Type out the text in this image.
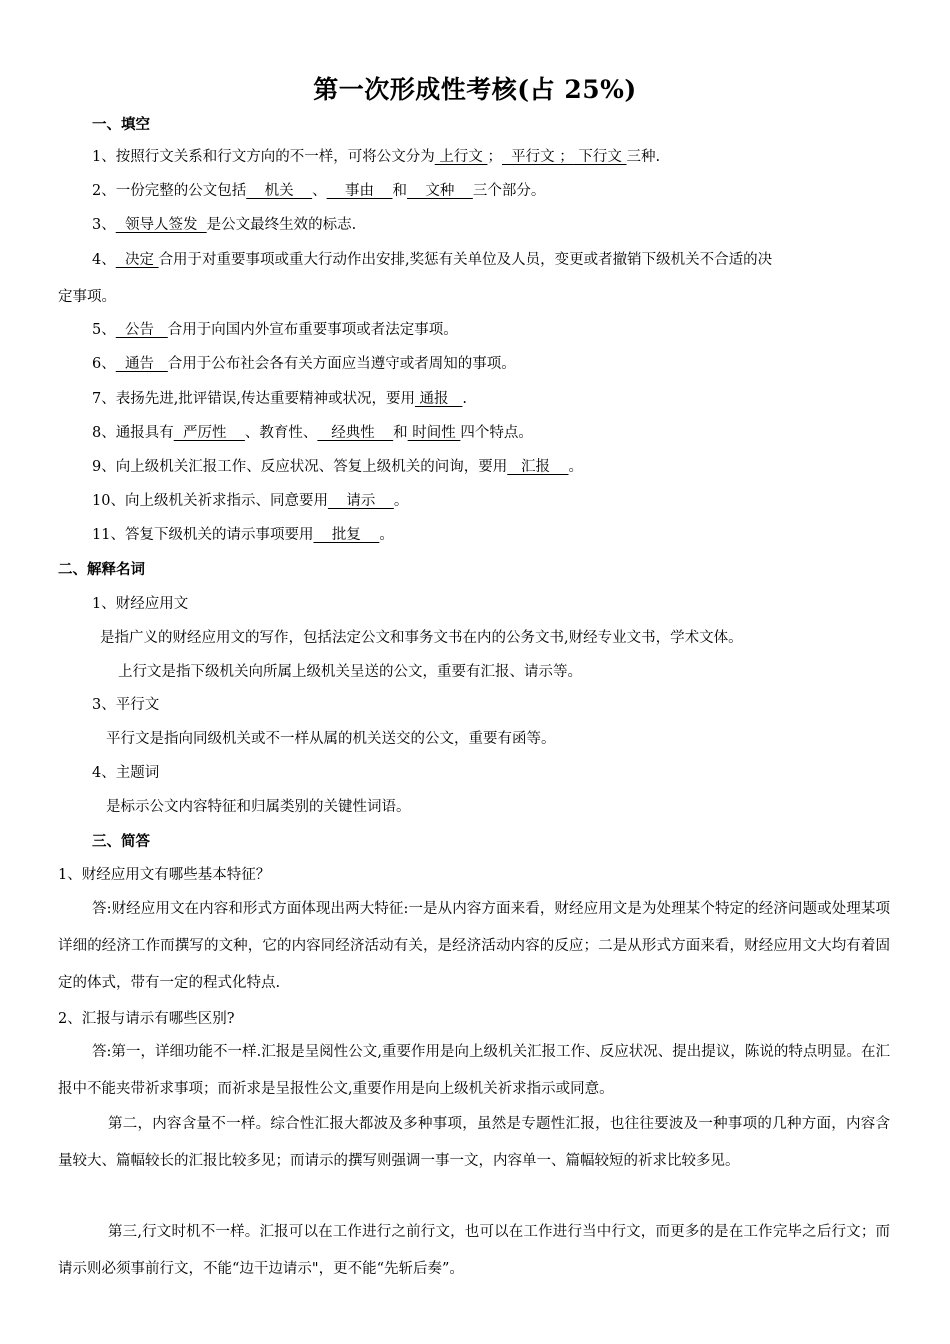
第一次形成性考核(占 25%)
一、填空
1、按照行文关系和行文方向的不一样，可将公文分为 上行文 ；  平行文 ； 下行文 三种.
2、一份完整的公文包括    机关    、    事由    和    文种    三个部分。
3、  领导人签发  是公文最终生效的标志.
4、  决定 合用于对重要事项或重大行动作出安排,奖惩有关单位及人员，变更或者撤销下级机关不合适的决
定事项。
5、  公告   合用于向国内外宣布重要事项或者法定事项。
6、  通告   合用于公布社会各有关方面应当遵守或者周知的事项。
7、表扬先进,批评错误,传达重要精神或状况，要用 通报   .
8、通报具有  严厉性    、教育性、   经典性    和 时间性 四个特点。
9、向上级机关汇报工作、反应状况、答复上级机关的问询，要用   汇报    。
10、向上级机关祈求指示、同意要用    请示    。
11、答复下级机关的请示事项要用    批复    。
二、解释名词
1、财经应用文
是指广义的财经应用文的写作，包括法定公文和事务文书在内的公务文书,财经专业文书，学术文体。
上行文是指下级机关向所属上级机关呈送的公文，重要有汇报、请示等。
3、平行文
平行文是指向同级机关或不一样从属的机关送交的公文，重要有函等。
4、主题词
是标示公文内容特征和归属类别的关键性词语。
三、简答
1、财经应用文有哪些基本特征？
答:财经应用文在内容和形式方面体现出两大特征:一是从内容方面来看，财经应用文是为处理某个特定的经济问题或处理某项详细的经济工作而撰写的文种，它的内容同经济活动有关，是经济活动内容的反应；二是从形式方面来看，财经应用文大均有着固定的体式，带有一定的程式化特点.
2、汇报与请示有哪些区别?
答:第一，详细功能不一样.汇报是呈阅性公文,重要作用是向上级机关汇报工作、反应状况、提出提议，陈说的特点明显。在汇报中不能夹带祈求事项；而祈求是呈报性公文,重要作用是向上级机关祈求指示或同意。
第二，内容含量不一样。综合性汇报大都波及多种事项，虽然是专题性汇报，也往往要波及一种事项的几种方面，内容含量较大、篇幅较长的汇报比较多见；而请示的撰写则强调一事一文，内容单一、篇幅较短的祈求比较多见。
第三,行文时机不一样。汇报可以在工作进行之前行文，也可以在工作进行当中行文，而更多的是在工作完毕之后行文；而请示则必须事前行文，不能“边干边请示"，更不能“先斩后奏”。
